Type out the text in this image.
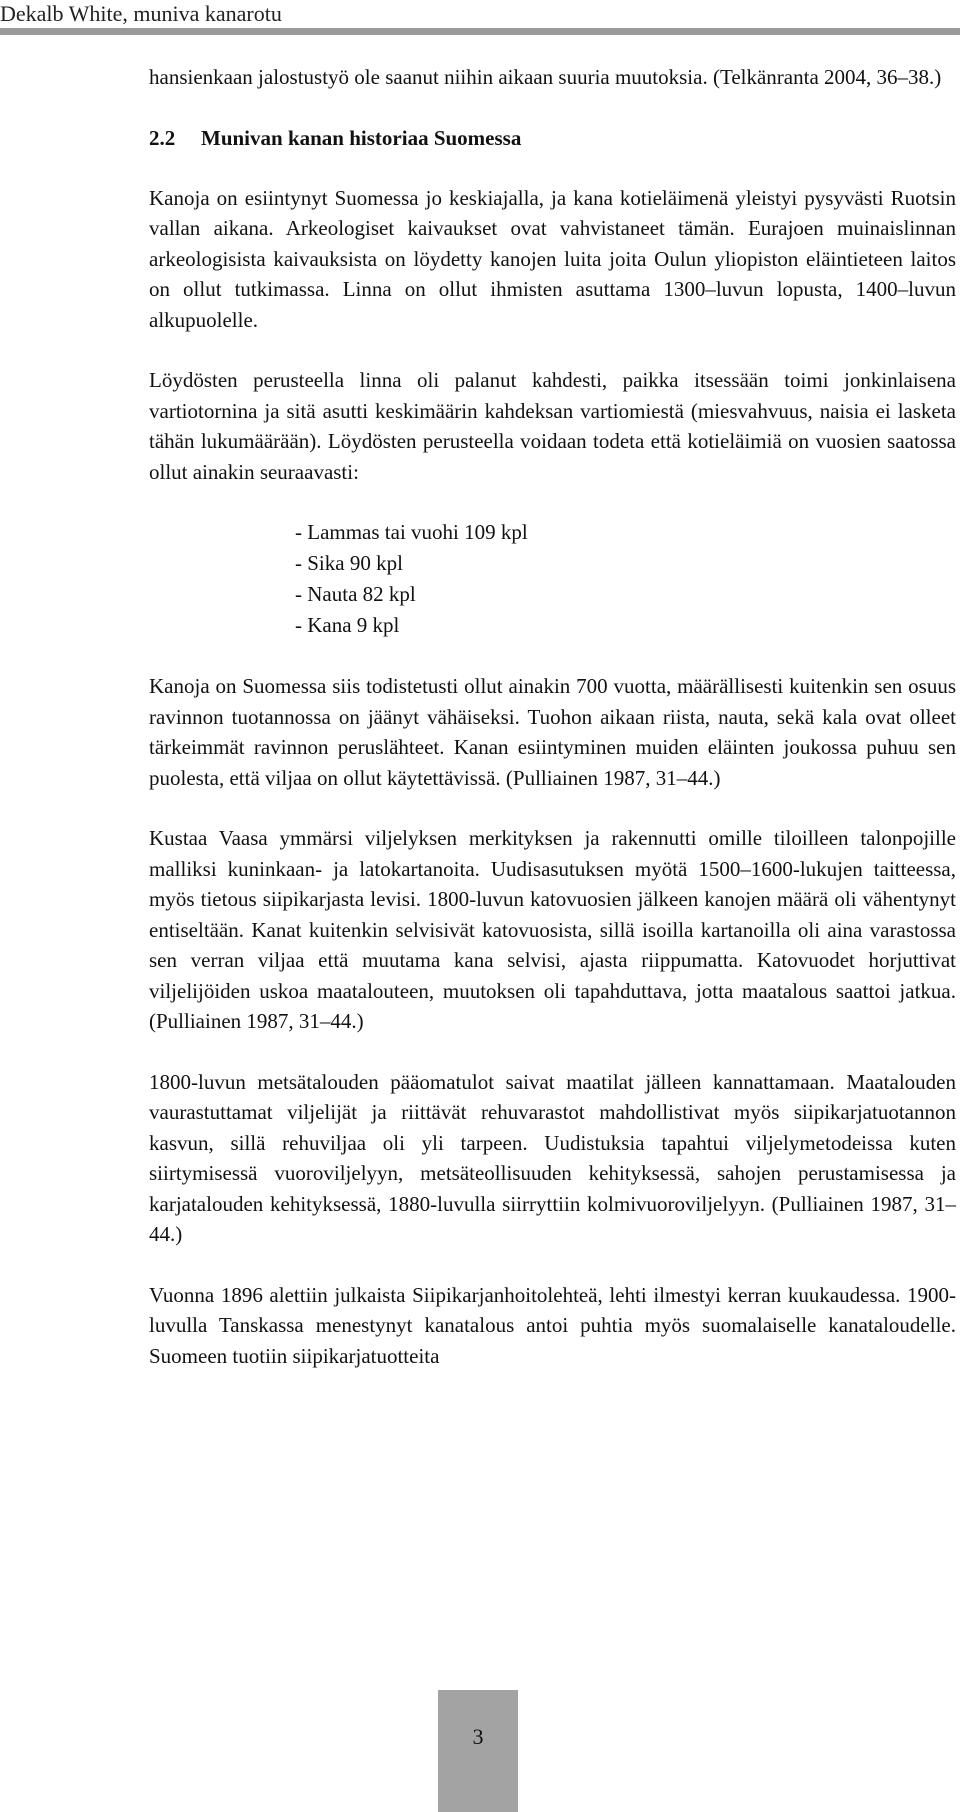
Dekalb White, muniva kanarotu

hansienkaan jalostustyö ole saanut niihin aikaan suuria muutoksia. (Telkänranta 2004, 36–38.)

2.2 Munivan kanan historiaa Suomessa

Kanoja on esiintynyt Suomessa jo keskiajalla, ja kana kotieläimenä yleistyi pysyvästi Ruotsin vallan aikana. Arkeologiset kaivaukset ovat vahvistaneet tämän. Eurajoen muinaislinnan arkeologisista kaivauksista on löydetty kanojen luita joita Oulun yliopiston eläintieteen laitos on ollut tutkimassa. Linna on ollut ihmisten asuttama 1300–luvun lopusta, 1400–luvun alkupuolelle.

Löydösten perusteella linna oli palanut kahdesti, paikka itsessään toimi jonkinlaisena vartiotornina ja sitä asutti keskimäärin kahdeksan vartiomiestä (miesvahvuus, naisia ei lasketa tähän lukumäärään). Löydösten perusteella voidaan todeta että kotieläimiä on vuosien saatossa ollut ainakin seuraavasti:

- Lammas tai vuohi 109 kpl
- Sika 90 kpl
- Nauta 82 kpl
- Kana 9 kpl

Kanoja on Suomessa siis todistetusti ollut ainakin 700 vuotta, määrällisesti kuitenkin sen osuus ravinnon tuotannossa on jäänyt vähäiseksi. Tuohon aikaan riista, nauta, sekä kala ovat olleet tärkeimmät ravinnon peruslähteet. Kanan esiintyminen muiden eläinten joukossa puhuu sen puolesta, että viljaa on ollut käytettävissä. (Pulliainen 1987, 31–44.)

Kustaa Vaasa ymmärsi viljelyksen merkityksen ja rakennutti omille tiloilleen talonpojille malliksi kuninkaan- ja latokartanoita. Uudisasutuksen myötä 1500–1600-lukujen taitteessa, myös tietous siipikarjasta levisi. 1800-luvun katovuosien jälkeen kanojen määrä oli vähentynyt entiseltään. Kanat kuitenkin selvisivät katovuosista, sillä isoilla kartanoilla oli aina varastossa sen verran viljaa että muutama kana selvisi, ajasta riippumatta. Katovuodet horjuttivat viljelijöiden uskoa maatalouteen, muutoksen oli tapahduttava, jotta maatalous saattoi jatkua. (Pulliainen 1987, 31–44.)

1800-luvun metsätalouden pääomatulot saivat maatilat jälleen kannattamaan. Maatalouden vaurastuttamat viljelijät ja riittävät rehuvarastot mahdollistivat myös siipikarjatuotannon kasvun, sillä rehuviljaa oli yli tarpeen. Uudistuksia tapahtui viljelymetodeissa kuten siirtymisessä vuoroviljelyyn, metsäteollisuuden kehityksessä, sahojen perustamisessa ja karjatalouden kehityksessä, 1880-luvulla siirryttiin kolmivuoroviljelyyn. (Pulliainen 1987, 31–44.)

Vuonna 1896 alettiin julkaista Siipikarjanhoitolehteä, lehti ilmestyi kerran kuukaudessa. 1900-luvulla Tanskassa menestynyt kanatalous antoi puhtia myös suomalaiselle kanataloudelle. Suomeen tuotiin siipikarjatuotteita

3
